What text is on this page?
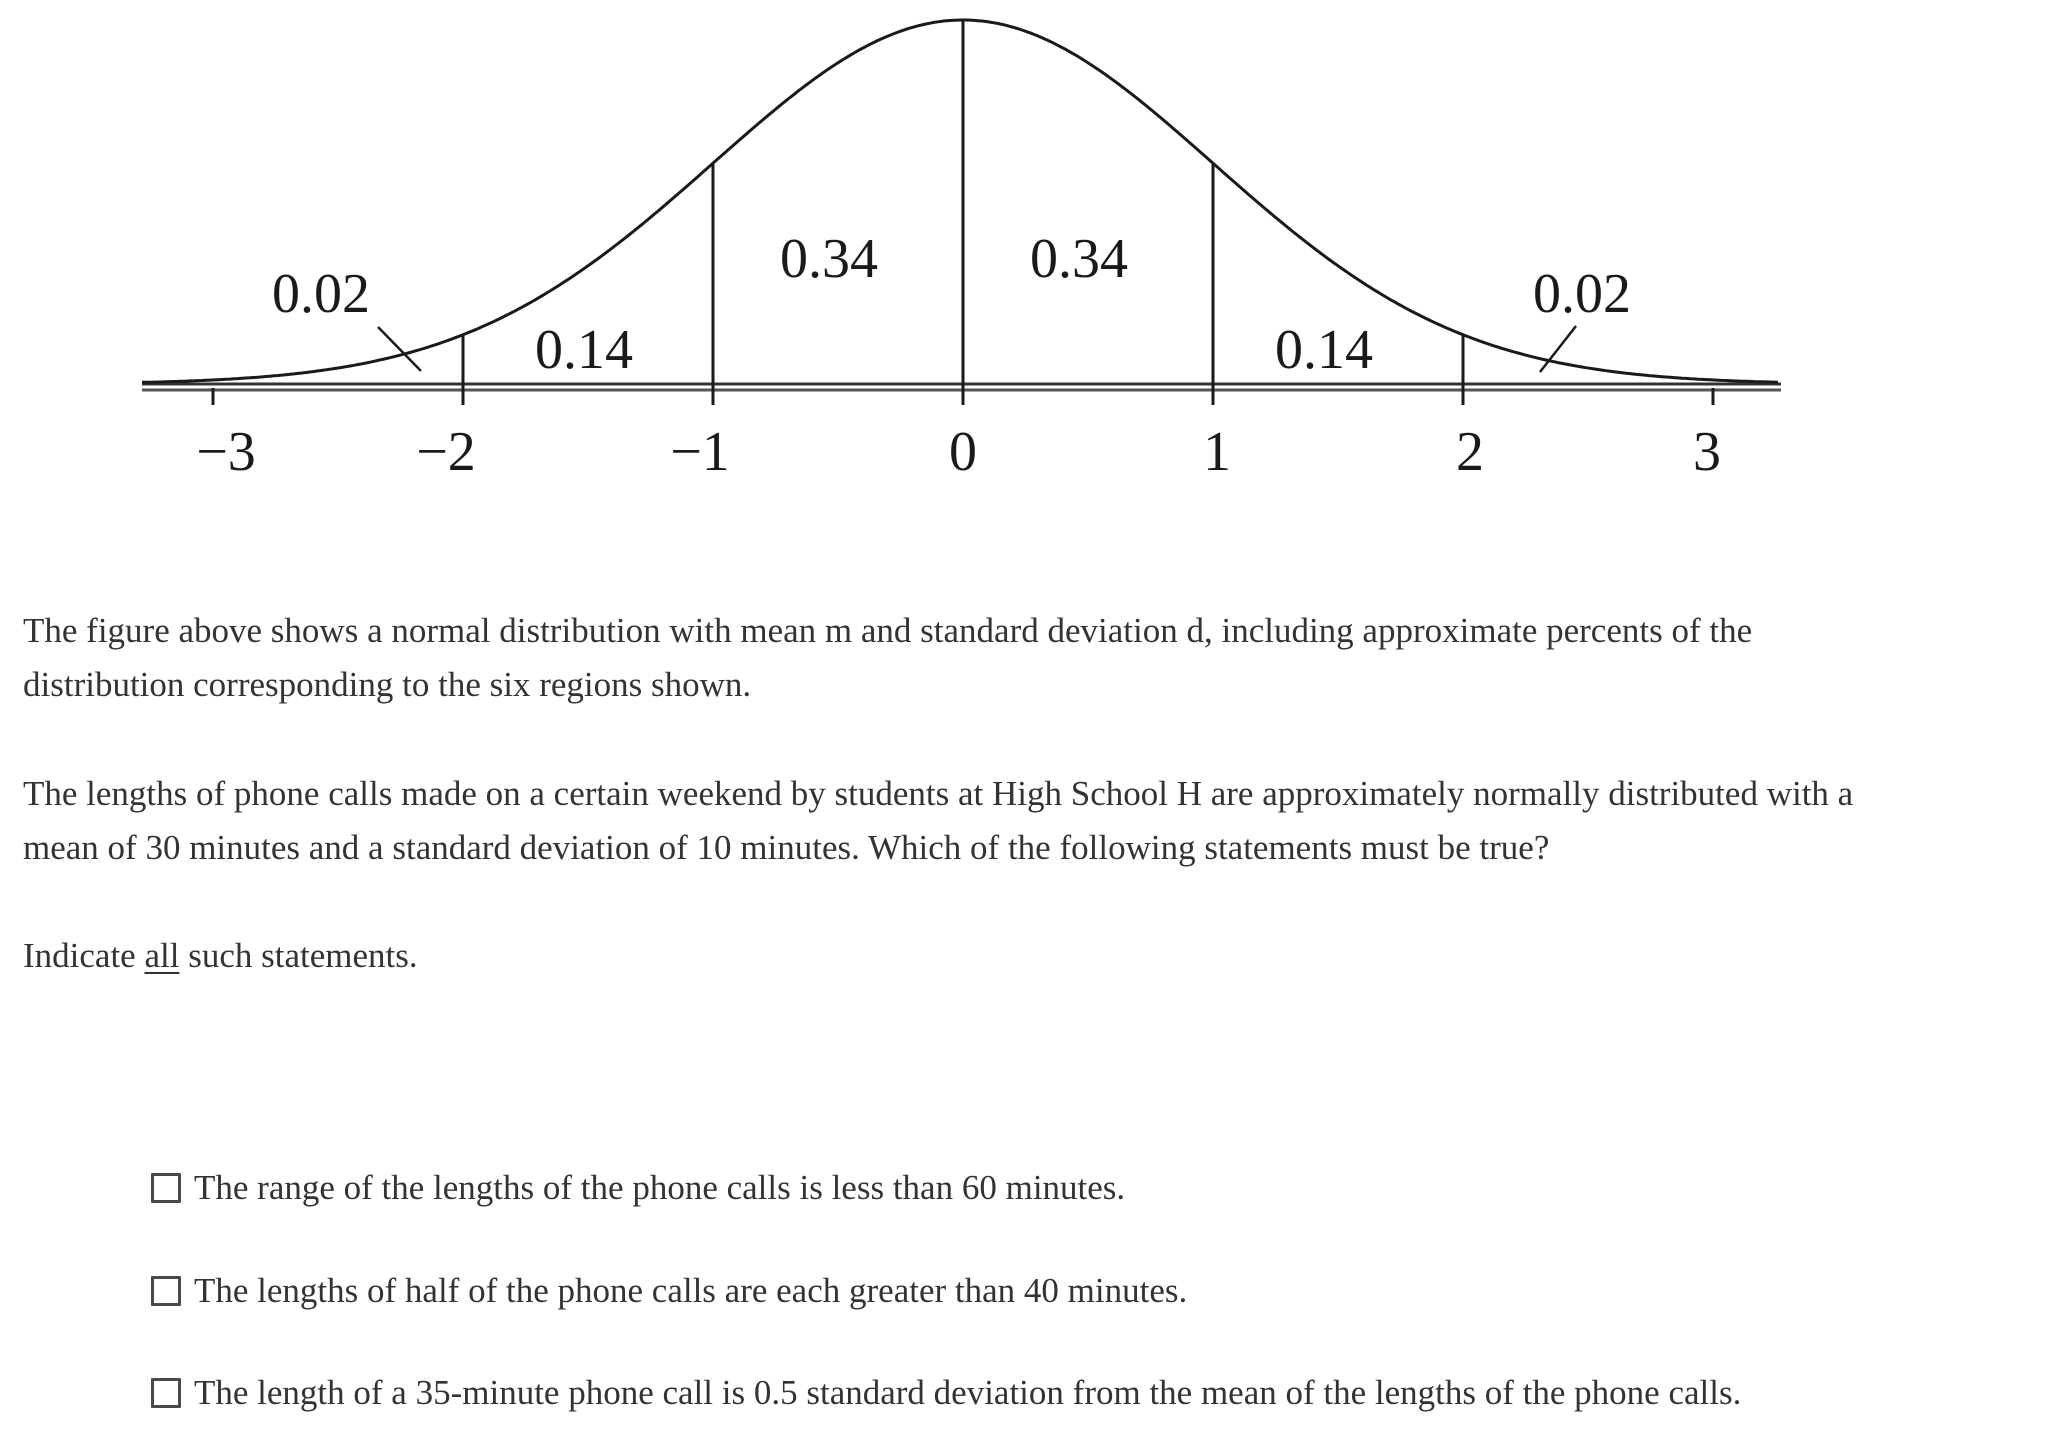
0.02
0.14
0.34	0.34
0.14
0.02
−3	−2	−1	0	1	2	3
The figure above shows a normal distribution with mean m and standard deviation d, including approximate percents of the
distribution corresponding to the six regions shown.
The lengths of phone calls made on a certain weekend by students at High School H are approximately normally distributed with a
mean of 30 minutes and a standard deviation of 10 minutes. Which of the following statements must be true?
Indicate all such statements.
The range of the lengths of the phone calls is less than 60 minutes.
The lengths of half of the phone calls are each greater than 40 minutes.
The length of a 35-minute phone call is 0.5 standard deviation from the mean of the lengths of the phone calls.
